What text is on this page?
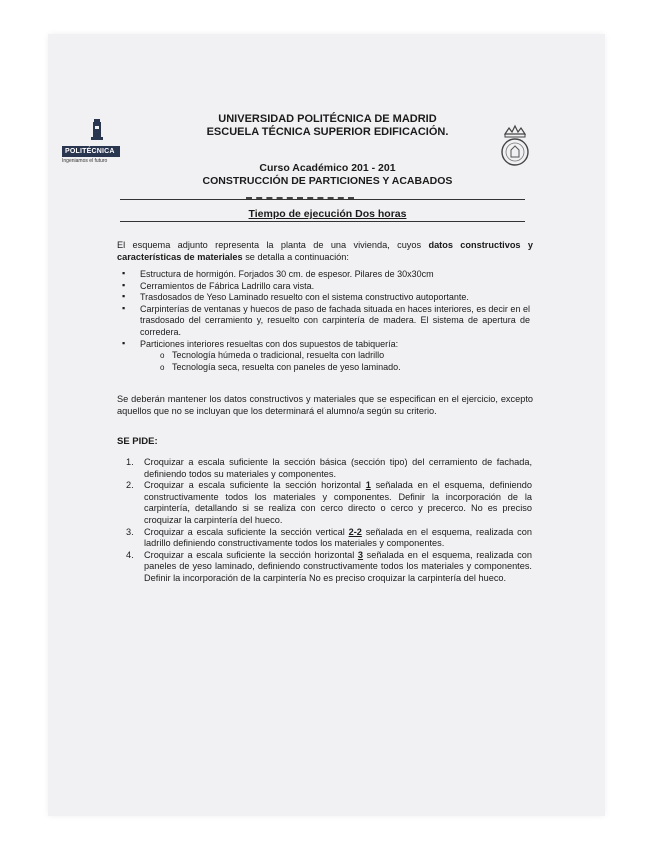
POLITÉCNICA
Ingeniamos el futuro
UNIVERSIDAD POLITÉCNICA DE MADRID
ESCUELA TÉCNICA SUPERIOR EDIFICACIÓN.
Curso Académico 201 - 201
CONSTRUCCIÓN DE PARTICIONES Y ACABADOS
Tiempo de ejecución Dos horas
El esquema adjunto representa la planta de una vivienda, cuyos datos constructivos y características de materiales se detalla a continuación:
▪ Estructura de hormigón. Forjados 30 cm. de espesor. Pilares de 30x30cm
▪ Cerramientos de Fábrica Ladrillo cara vista.
▪ Trasdosados de Yeso Laminado resuelto con el sistema constructivo autoportante.
▪ Carpinterías de ventanas y huecos de paso de fachada situada en haces interiores, es decir en el trasdosado del cerramiento y, resuelto con carpintería de madera. El sistema de apertura de corredera.
▪ Particiones interiores resueltas con dos supuestos de tabiquería:
o Tecnología húmeda o tradicional, resuelta con ladrillo
o Tecnología seca, resuelta con paneles de yeso laminado.
Se deberán mantener los datos constructivos y materiales que se especifican en el ejercicio, excepto aquellos que no se incluyan que los determinará el alumno/a según su criterio.
SE PIDE:
1. Croquizar a escala suficiente la sección básica (sección tipo) del cerramiento de fachada, definiendo todos su materiales y componentes.
2. Croquizar a escala suficiente la sección horizontal 1 señalada en el esquema, definiendo constructivamente todos los materiales y componentes. Definir la incorporación de la carpintería, detallando si se realiza con cerco directo o cerco y precerco. No es preciso croquizar la carpintería del hueco.
3. Croquizar a escala suficiente la sección vertical 2-2 señalada en el esquema, realizada con ladrillo definiendo constructivamente todos los materiales y componentes.
4. Croquizar a escala suficiente la sección horizontal 3 señalada en el esquema, realizada con paneles de yeso laminado, definiendo constructivamente todos los materiales y componentes. Definir la incorporación de la carpintería No es preciso croquizar la carpintería del hueco.
